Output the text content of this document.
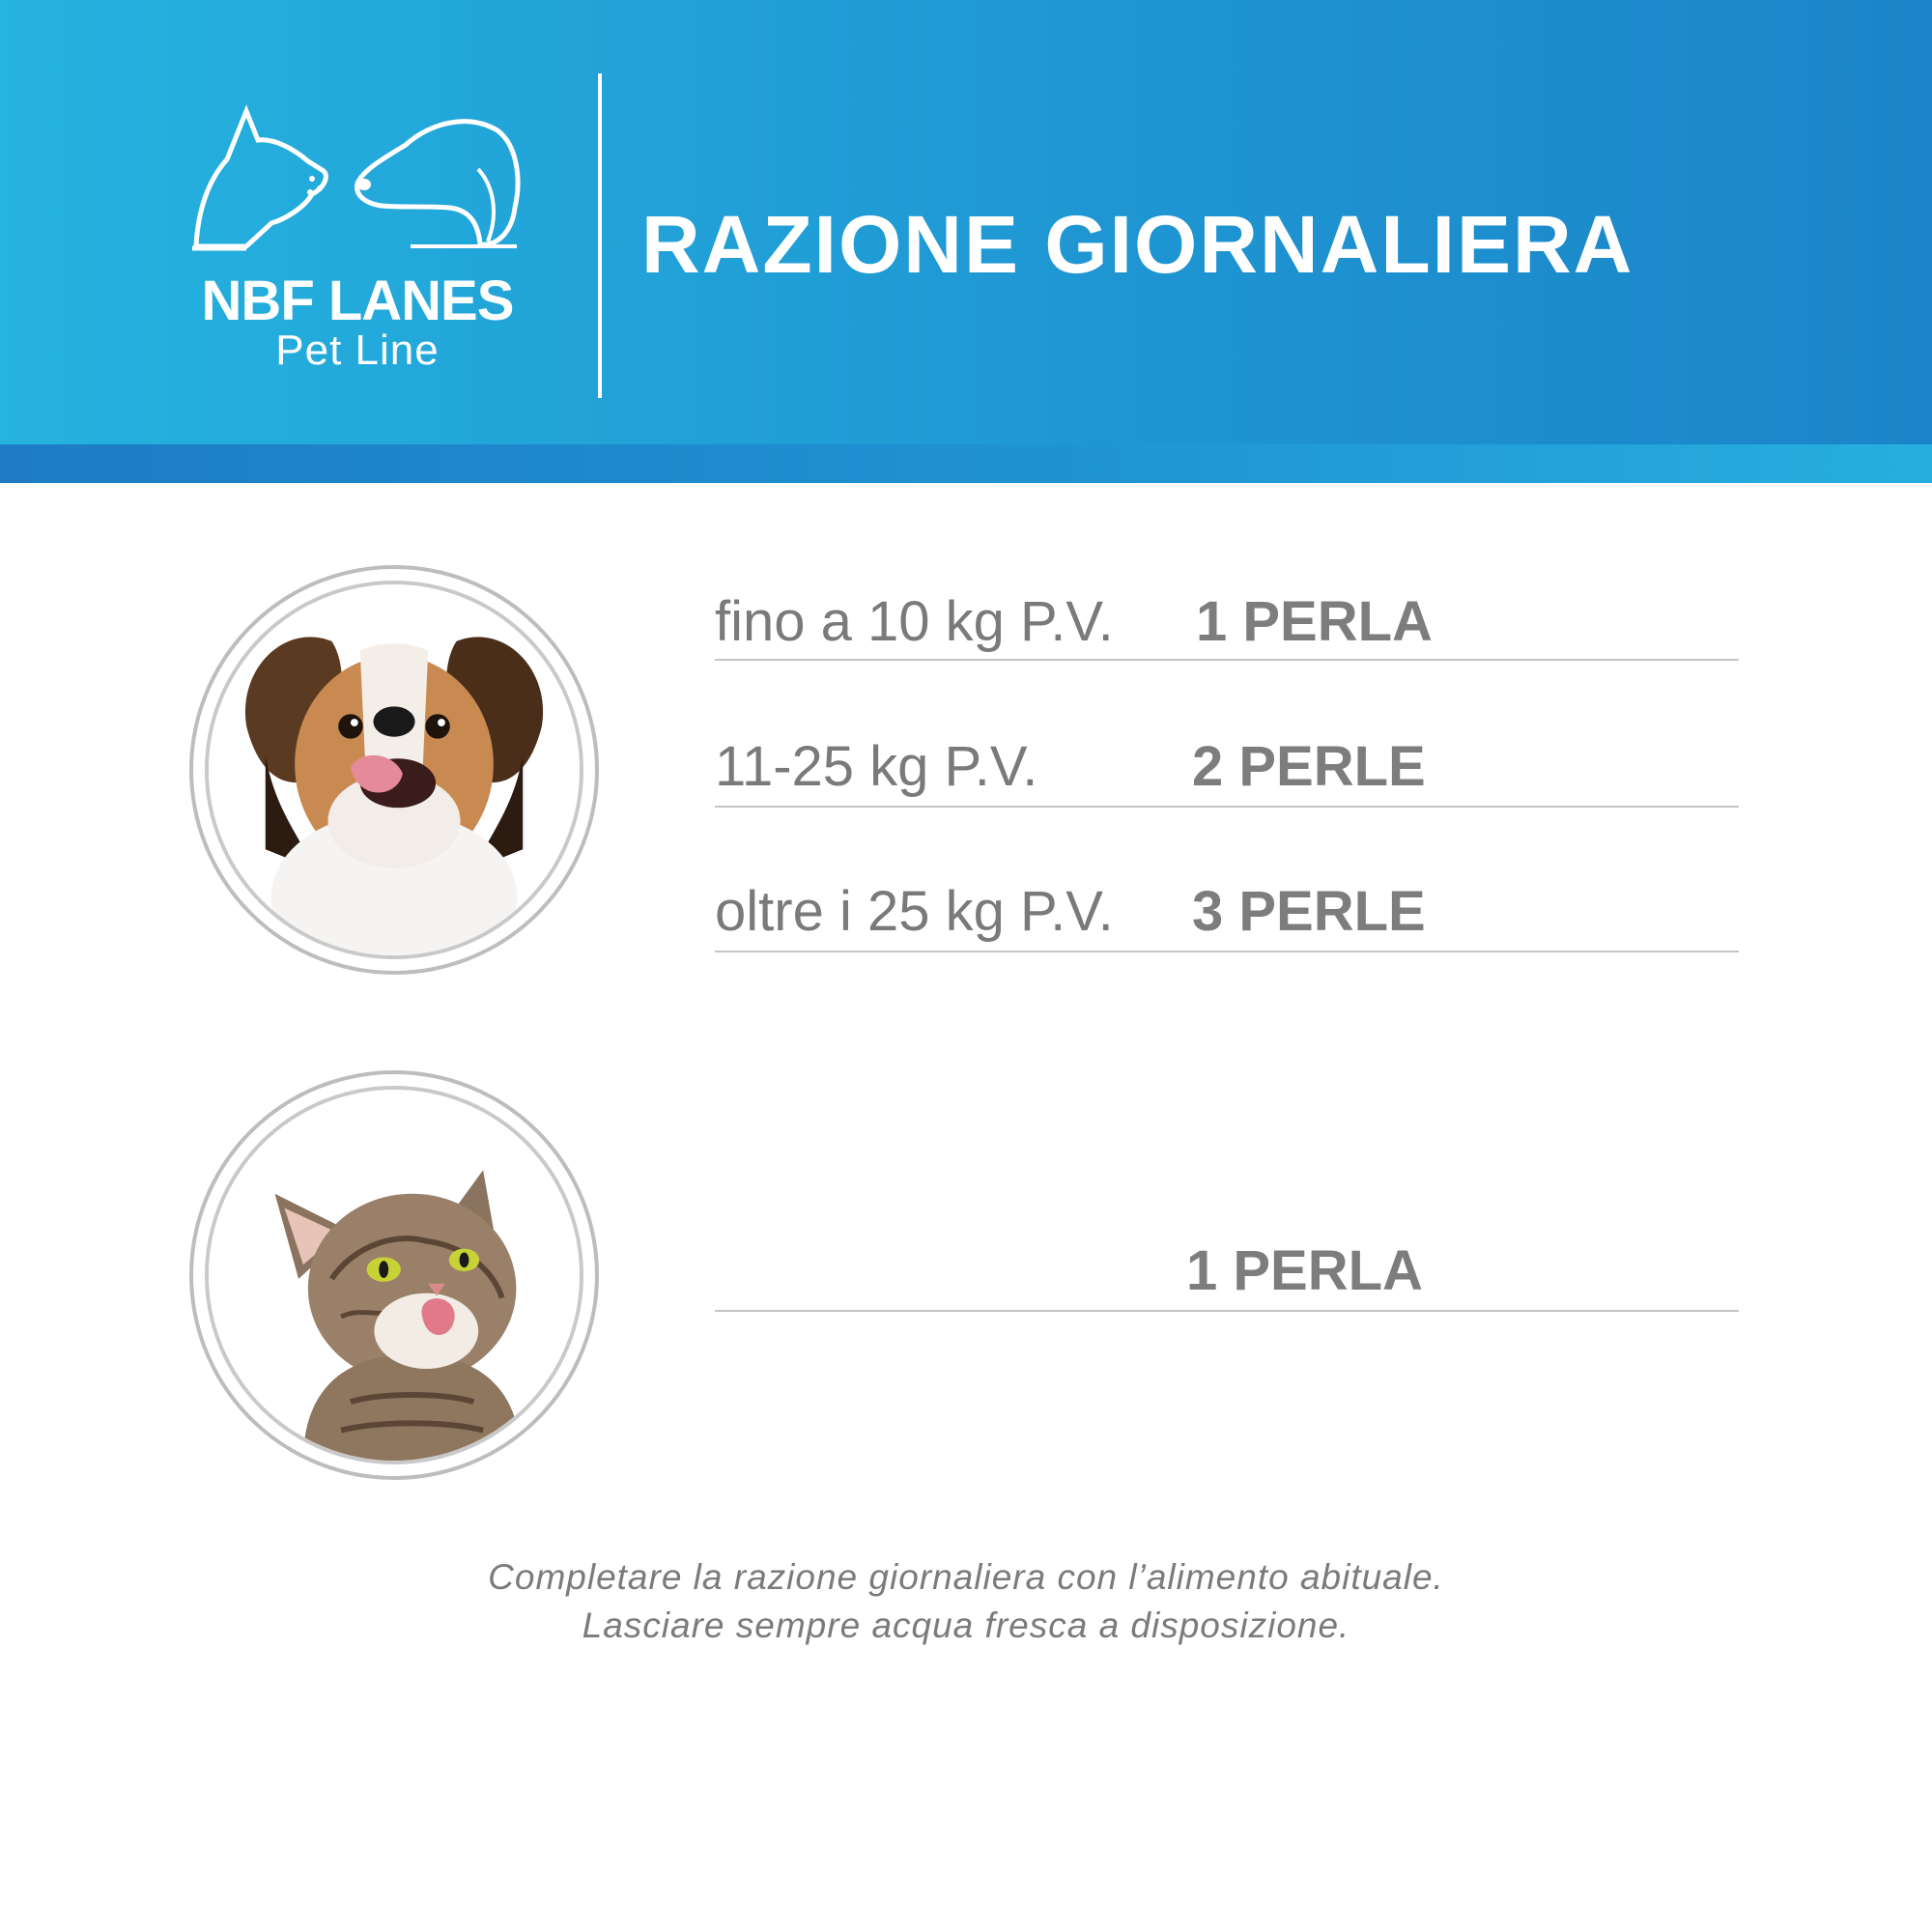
NBF LANES
Pet Line
RAZIONE GIORNALIERA
fino a 10 kg P.V. 1 PERLA
11-25 kg P.V.	2 PERLE
oltre i 25 kg P.V. 3 PERLE
1 PERLA
Completare la razione giornaliera con l’alimento abituale.
Lasciare sempre acqua fresca a disposizione.
